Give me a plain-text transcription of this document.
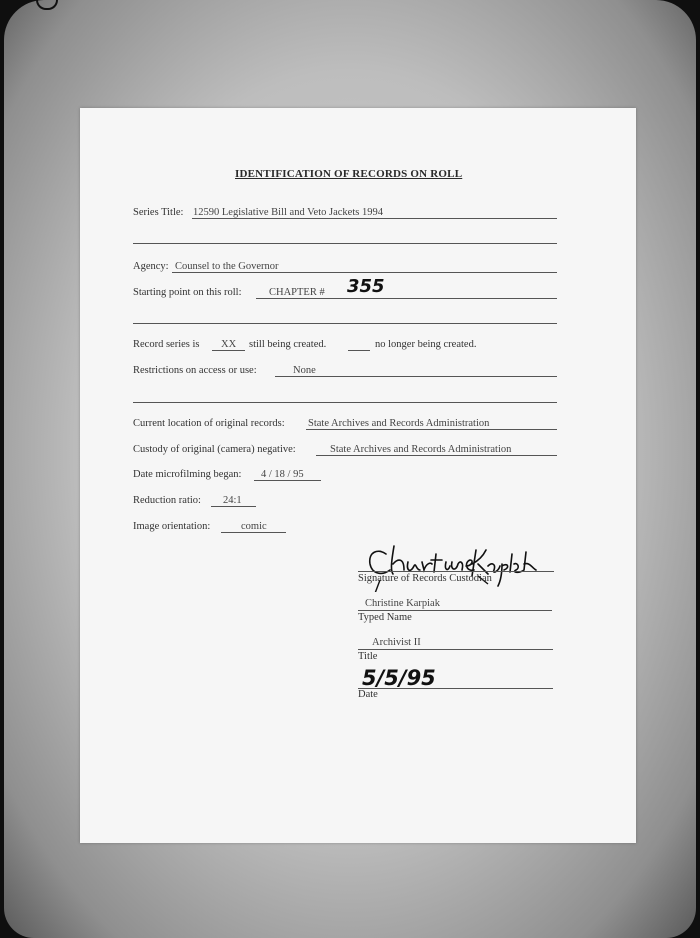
IDENTIFICATION OF RECORDS ON ROLL
Series Title: 12590 Legislative Bill and Veto Jackets 1994
Agency: Counsel to the Governor
Starting point on this roll:	CHAPTER # 355
Record series is XX still being created.	no longer being created.
Restrictions on access or use:	None
Current location of original records: State Archives and Records Administration
Custody of original (camera) negative:	State Archives and Records Administration
Date microfilming began: 4 / 18 / 95
Reduction ratio: 24:1
Image orientation:	comic
Signature of Records Custodian
Christine Karpiak
Typed Name
Archivist II
Title
5/5/95
Date
